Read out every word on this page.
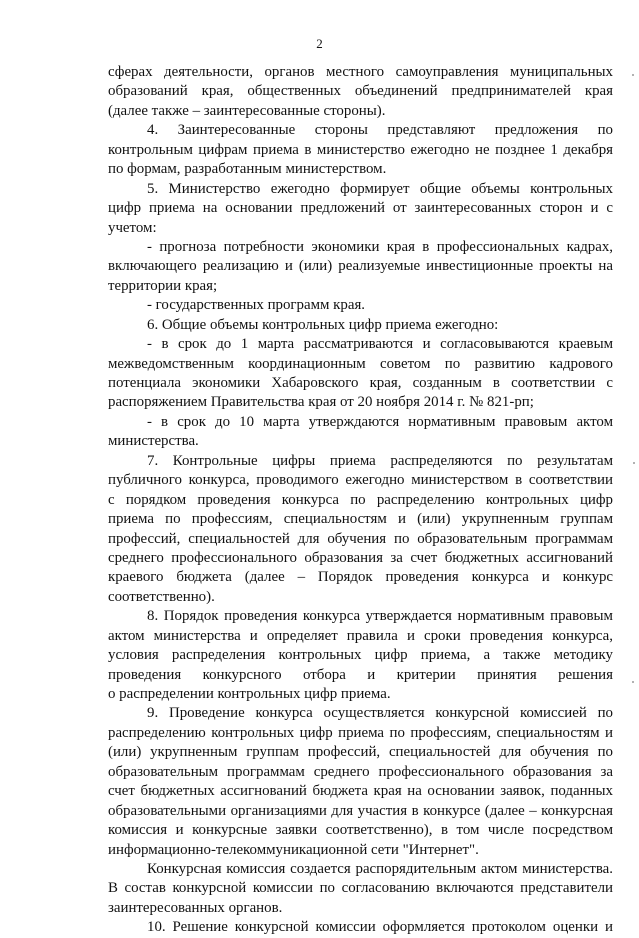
2
сферах деятельности, органов местного самоуправления муниципальных
образований края, общественных объединений предпринимателей края
(далее также – заинтересованные стороны).
4. Заинтересованные стороны представляют предложения по
контрольным цифрам приема в министерство ежегодно не позднее 1 декабря
по формам, разработанным министерством.
5. Министерство ежегодно формирует общие объемы контрольных
цифр приема на основании предложений от заинтересованных сторон и с
учетом:
- прогноза потребности экономики края в профессиональных кадрах,
включающего реализацию и (или) реализуемые инвестиционные проекты на
территории края;
- государственных программ края.
6. Общие объемы контрольных цифр приема ежегодно:
- в срок до 1 марта рассматриваются и согласовываются краевым
межведомственным координационным советом по развитию кадрового
потенциала экономики Хабаровского края, созданным в соответствии с
распоряжением Правительства края от 20 ноября 2014 г. № 821-рп;
- в срок до 10 марта утверждаются нормативным правовым актом
министерства.
7. Контрольные цифры приема распределяются по результатам
публичного конкурса, проводимого ежегодно министерством в соответствии
с порядком проведения конкурса по распределению контрольных цифр
приема по профессиям, специальностям и (или) укрупненным группам
профессий, специальностей для обучения по образовательным программам
среднего профессионального образования за счет бюджетных ассигнований
краевого бюджета (далее – Порядок проведения конкурса и конкурс
соответственно).
8. Порядок проведения конкурса утверждается нормативным правовым
актом министерства и определяет правила и сроки проведения конкурса,
условия распределения контрольных цифр приема, а также методику
проведения конкурсного отбора и критерии принятия решения
о распределении контрольных цифр приема.
9. Проведение конкурса осуществляется конкурсной комиссией по
распределению контрольных цифр приема по профессиям, специальностям и
(или) укрупненным группам профессий, специальностей для обучения по
образовательным программам среднего профессионального образования за
счет бюджетных ассигнований бюджета края на основании заявок, поданных
образовательными организациями для участия в конкурсе (далее – конкурсная
комиссия и конкурсные заявки соответственно), в том числе посредством
информационно-телекоммуникационной сети "Интернет".
Конкурсная комиссия создается распорядительным актом министерства.
В состав конкурсной комиссии по согласованию включаются представители
заинтересованных органов.
10. Решение конкурсной комиссии оформляется протоколом оценки и
